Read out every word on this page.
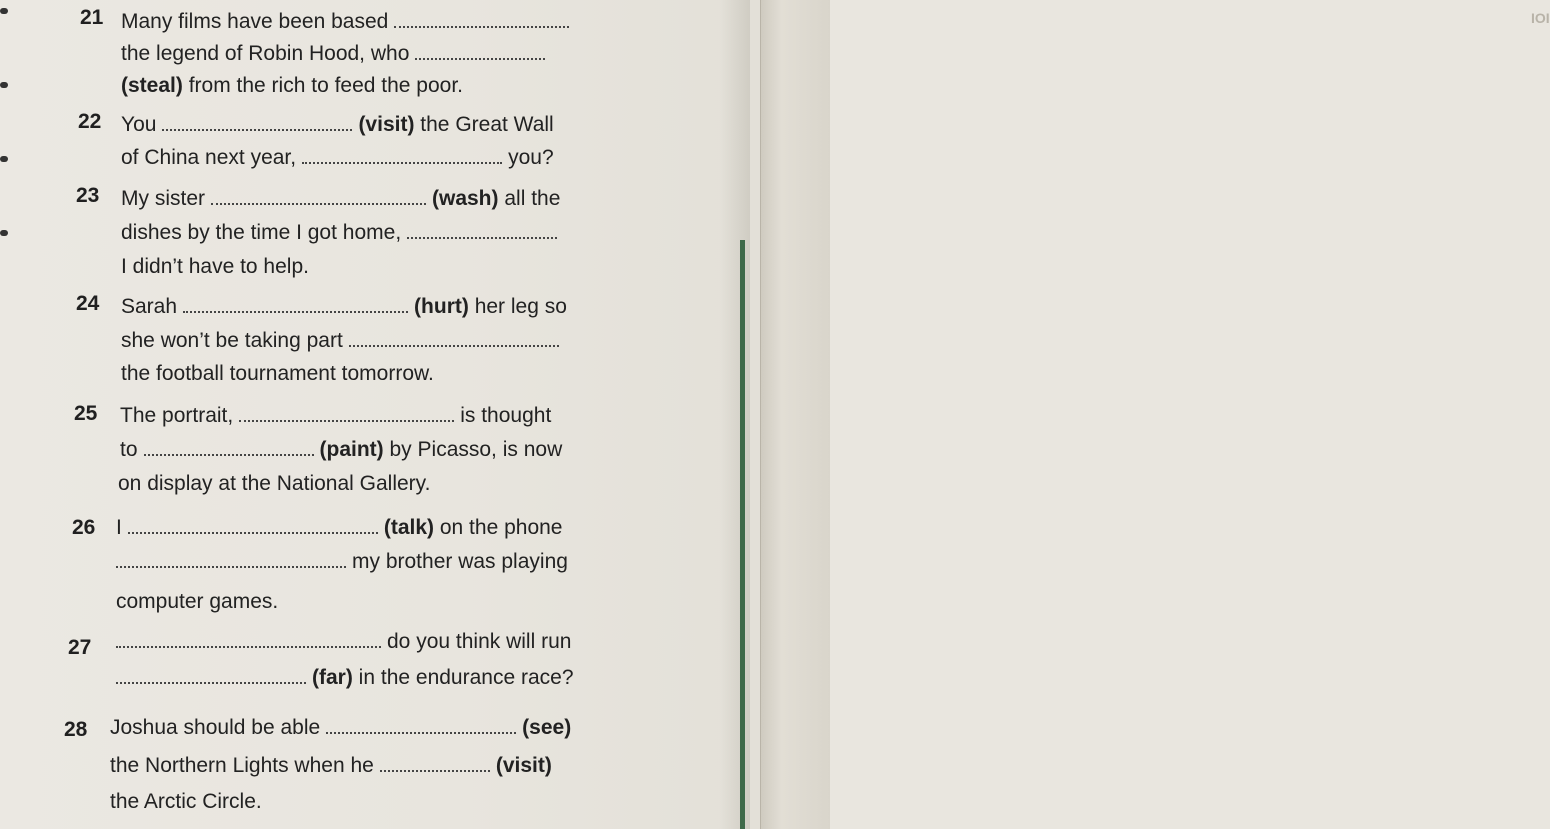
IOI
21 Many films have been based
the legend of Robin Hood, who
(steal) from the rich to feed the poor.
22 You	(visit) the Great Wall
of China next year,	you?
23 My sister	(wash) all the
dishes by the time I got home,
I didn’t have to help.
24 Sarah	(hurt) her leg so
she won’t be taking part
the football tournament tomorrow.
25 The portrait,	is thought
to	(paint) by Picasso, is now
on display at the National Gallery.
26 I	(talk) on the phone
my brother was playing
computer games.
27	do you think will run
(far) in the endurance race?
28 Joshua should be able	(see)
the Northern Lights when he	(visit)
the Arctic Circle.
